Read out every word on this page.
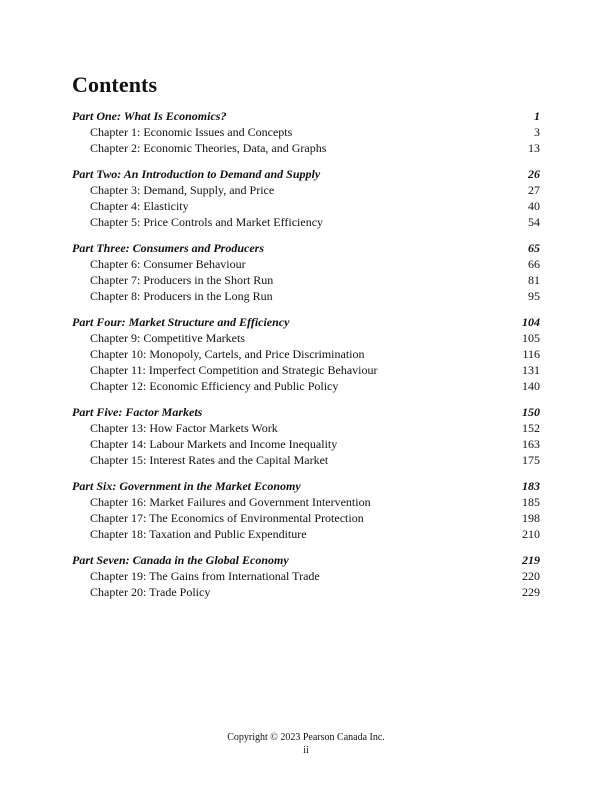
Contents
Part One: What Is Economics?	1
Chapter 1: Economic Issues and Concepts	3
Chapter 2: Economic Theories, Data, and Graphs	13
Part Two: An Introduction to Demand and Supply	26
Chapter 3: Demand, Supply, and Price	27
Chapter 4: Elasticity	40
Chapter 5: Price Controls and Market Efficiency	54
Part Three: Consumers and Producers	65
Chapter 6: Consumer Behaviour	66
Chapter 7: Producers in the Short Run	81
Chapter 8: Producers in the Long Run	95
Part Four: Market Structure and Efficiency	104
Chapter 9: Competitive Markets	105
Chapter 10: Monopoly, Cartels, and Price Discrimination	116
Chapter 11: Imperfect Competition and Strategic Behaviour	131
Chapter 12: Economic Efficiency and Public Policy	140
Part Five: Factor Markets	150
Chapter 13: How Factor Markets Work	152
Chapter 14: Labour Markets and Income Inequality	163
Chapter 15: Interest Rates and the Capital Market	175
Part Six: Government in the Market Economy	183
Chapter 16: Market Failures and Government Intervention	185
Chapter 17: The Economics of Environmental Protection	198
Chapter 18: Taxation and Public Expenditure	210
Part Seven: Canada in the Global Economy	219
Chapter 19: The Gains from International Trade	220
Chapter 20: Trade Policy	229
Copyright © 2023 Pearson Canada Inc.
ii
